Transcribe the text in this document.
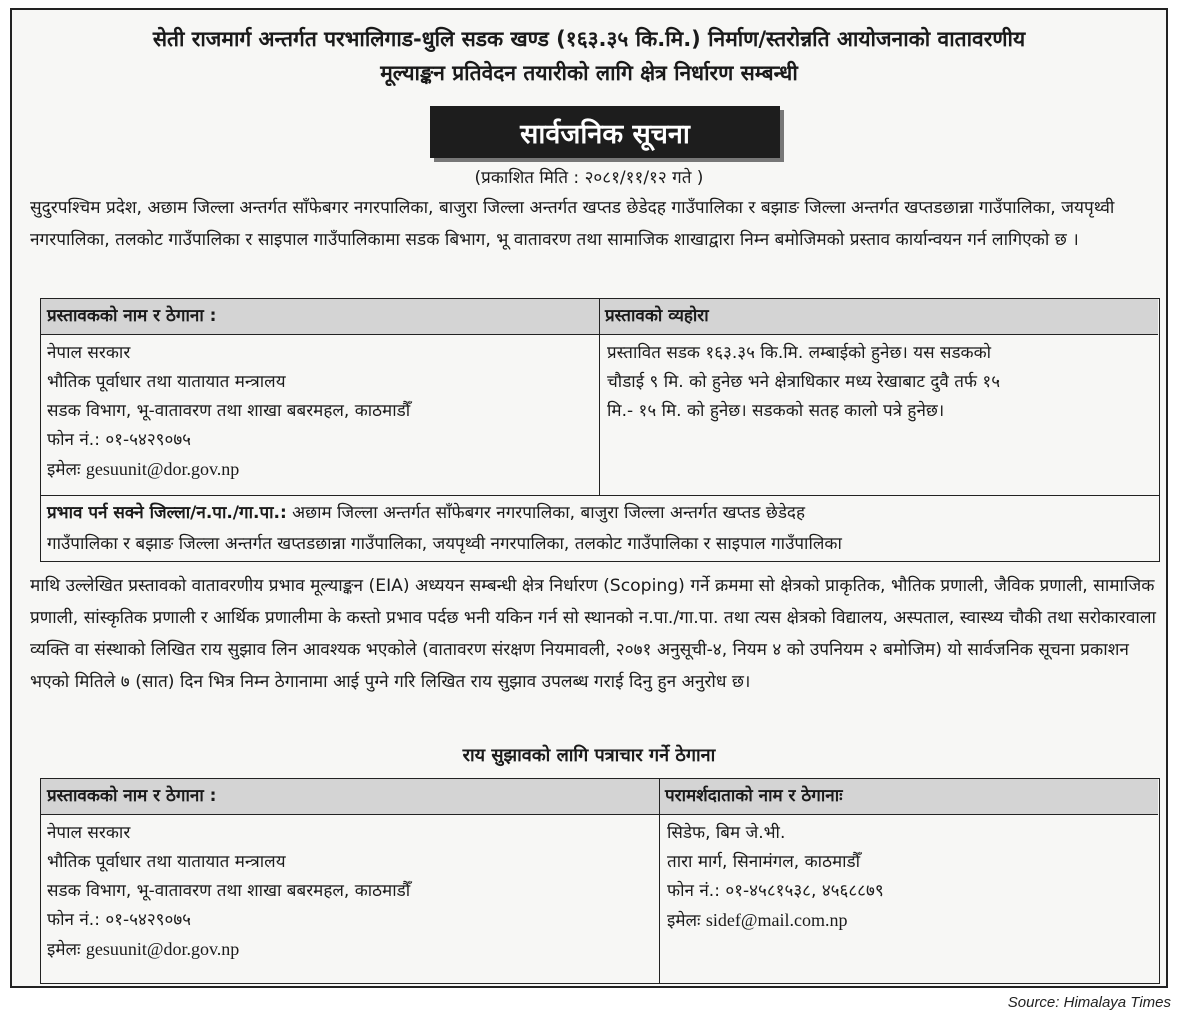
सेती राजमार्ग अन्तर्गत परभालिगाड-धुलि सडक खण्ड (१६३.३५ कि.मि.) निर्माण/स्तरोन्नति आयोजनाको वातावरणीय
मूल्याङ्कन प्रतिवेदन तयारीको लागि क्षेत्र निर्धारण सम्बन्धी
सार्वजनिक सूचना
(प्रकाशित मिति : २०८१/११/१२ गते )
सुदुरपश्चिम प्रदेश, अछाम जिल्ला अन्तर्गत साँफेबगर नगरपालिका, बाजुरा जिल्ला अन्तर्गत खप्तड छेडेदह गाउँपालिका र बझाङ जिल्ला अन्तर्गत खप्तडछान्ना गाउँपालिका, जयपृथ्वी नगरपालिका, तलकोट गाउँपालिका र साइपाल गाउँपालिकामा सडक बिभाग, भू वातावरण तथा सामाजिक शाखाद्वारा निम्न बमोजिमको प्रस्ताव कार्यान्वयन गर्न लागिएको छ ।
प्रस्तावकको नाम र ठेगाना :	प्रस्तावको व्यहोरा
नेपाल सरकार
भौतिक पूर्वाधार तथा यातायात मन्त्रालय
सडक विभाग, भू-वातावरण तथा शाखा बबरमहल, काठमाडौँ
फोन नं.: ०१-५४२९०७५
इमेलः gesuunit@dor.gov.np
प्रस्तावित सडक १६३.३५ कि.मि. लम्बाईको हुनेछ। यस सडकको
चौडाई ९ मि. को हुनेछ भने क्षेत्राधिकार मध्य रेखाबाट दुवै तर्फ १५
मि.- १५ मि. को हुनेछ। सडकको सतह कालो पत्रे हुनेछ।
प्रभाव पर्न सक्ने जिल्ला/न.पा./गा.पा.: अछाम जिल्ला अन्तर्गत साँफेबगर नगरपालिका, बाजुरा जिल्ला अन्तर्गत खप्तड छेडेदह
गाउँपालिका र बझाङ जिल्ला अन्तर्गत खप्तडछान्ना गाउँपालिका, जयपृथ्वी नगरपालिका, तलकोट गाउँपालिका र साइपाल गाउँपालिका
माथि उल्लेखित प्रस्तावको वातावरणीय प्रभाव मूल्याङ्कन (EIA) अध्ययन सम्बन्धी क्षेत्र निर्धारण (Scoping) गर्ने क्रममा सो क्षेत्रको प्राकृतिक, भौतिक प्रणाली, जैविक प्रणाली, सामाजिक प्रणाली, सांस्कृतिक प्रणाली र आर्थिक प्रणालीमा के कस्तो प्रभाव पर्दछ भनी यकिन गर्न सो स्थानको न.पा./गा.पा. तथा त्यस क्षेत्रको विद्यालय, अस्पताल, स्वास्थ्य चौकी तथा सरोकारवाला व्यक्ति वा संस्थाको लिखित राय सुझाव लिन आवश्यक भएकोले (वातावरण संरक्षण नियमावली, २०७१ अनुसूची-४, नियम ४ को उपनियम २ बमोजिम) यो सार्वजनिक सूचना प्रकाशन भएको मितिले ७ (सात) दिन भित्र निम्न ठेगानामा आई पुग्ने गरि लिखित राय सुझाव उपलब्ध गराई दिनु हुन अनुरोध छ।
राय सुझावको लागि पत्राचार गर्ने ठेगाना
प्रस्तावकको नाम र ठेगाना :	परामर्शदाताको नाम र ठेगानाः
नेपाल सरकार
भौतिक पूर्वाधार तथा यातायात मन्त्रालय
सडक विभाग, भू-वातावरण तथा शाखा बबरमहल, काठमाडौँ
फोन नं.: ०१-५४२९०७५
इमेलः gesuunit@dor.gov.np
सिडेफ, बिम जे.भी.
तारा मार्ग, सिनामंगल, काठमाडौँ
फोन नं.: ०१-४५८१५३८, ४५६८८७९
इमेलः sidef@mail.com.np
Source: Himalaya Times
